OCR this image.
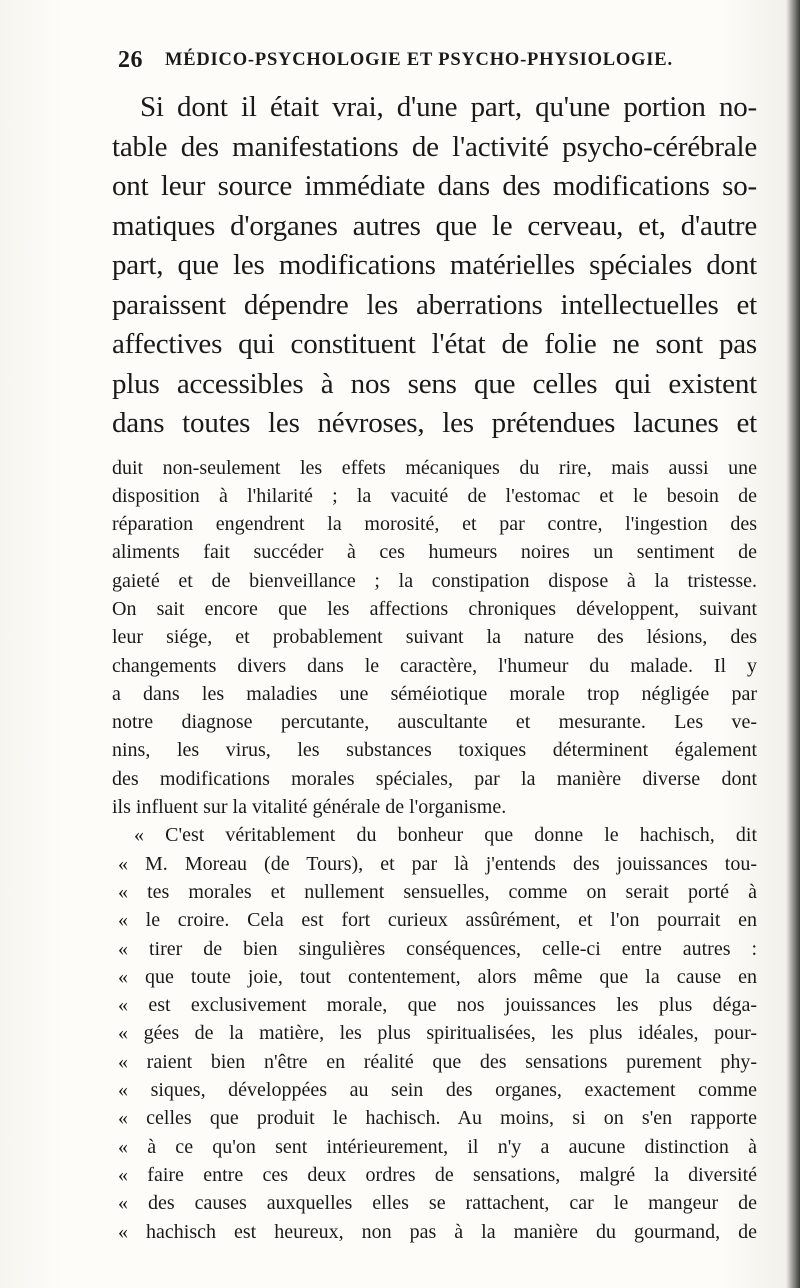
26 MÉDICO-PSYCHOLOGIE ET PSYCHO-PHYSIOLOGIE.
Si dont il était vrai, d'une part, qu'une portion no-
table des manifestations de l'activité psycho-cérébrale
ont leur source immédiate dans des modifications so-
matiques d'organes autres que le cerveau, et, d'autre
part, que les modifications matérielles spéciales dont
paraissent dépendre les aberrations intellectuelles et
affectives qui constituent l'état de folie ne sont pas
plus accessibles à nos sens que celles qui existent
dans toutes les névroses, les prétendues lacunes et
duit non-seulement les effets mécaniques du rire, mais aussi une
disposition à l'hilarité ; la vacuité de l'estomac et le besoin de
réparation engendrent la morosité, et par contre, l'ingestion des
aliments fait succéder à ces humeurs noires un sentiment de
gaieté et de bienveillance ; la constipation dispose à la tristesse.
On sait encore que les affections chroniques développent, suivant
leur siége, et probablement suivant la nature des lésions, des
changements divers dans le caractère, l'humeur du malade. Il y
a dans les maladies une séméiotique morale trop négligée par
notre diagnose percutante, auscultante et mesurante. Les ve-
nins, les virus, les substances toxiques déterminent également
des modifications morales spéciales, par la manière diverse dont
ils influent sur la vitalité générale de l'organisme.
« C'est véritablement du bonheur que donne le hachisch, dit
« M. Moreau (de Tours), et par là j'entends des jouissances tou-
« tes morales et nullement sensuelles, comme on serait porté à
« le croire. Cela est fort curieux assûrément, et l'on pourrait en
« tirer de bien singulières conséquences, celle-ci entre autres :
« que toute joie, tout contentement, alors même que la cause en
« est exclusivement morale, que nos jouissances les plus déga-
« gées de la matière, les plus spiritualisées, les plus idéales, pour-
« raient bien n'être en réalité que des sensations purement phy-
« siques, développées au sein des organes, exactement comme
« celles que produit le hachisch. Au moins, si on s'en rapporte
« à ce qu'on sent intérieurement, il n'y a aucune distinction à
« faire entre ces deux ordres de sensations, malgré la diversité
« des causes auxquelles elles se rattachent, car le mangeur de
« hachisch est heureux, non pas à la manière du gourmand, de
